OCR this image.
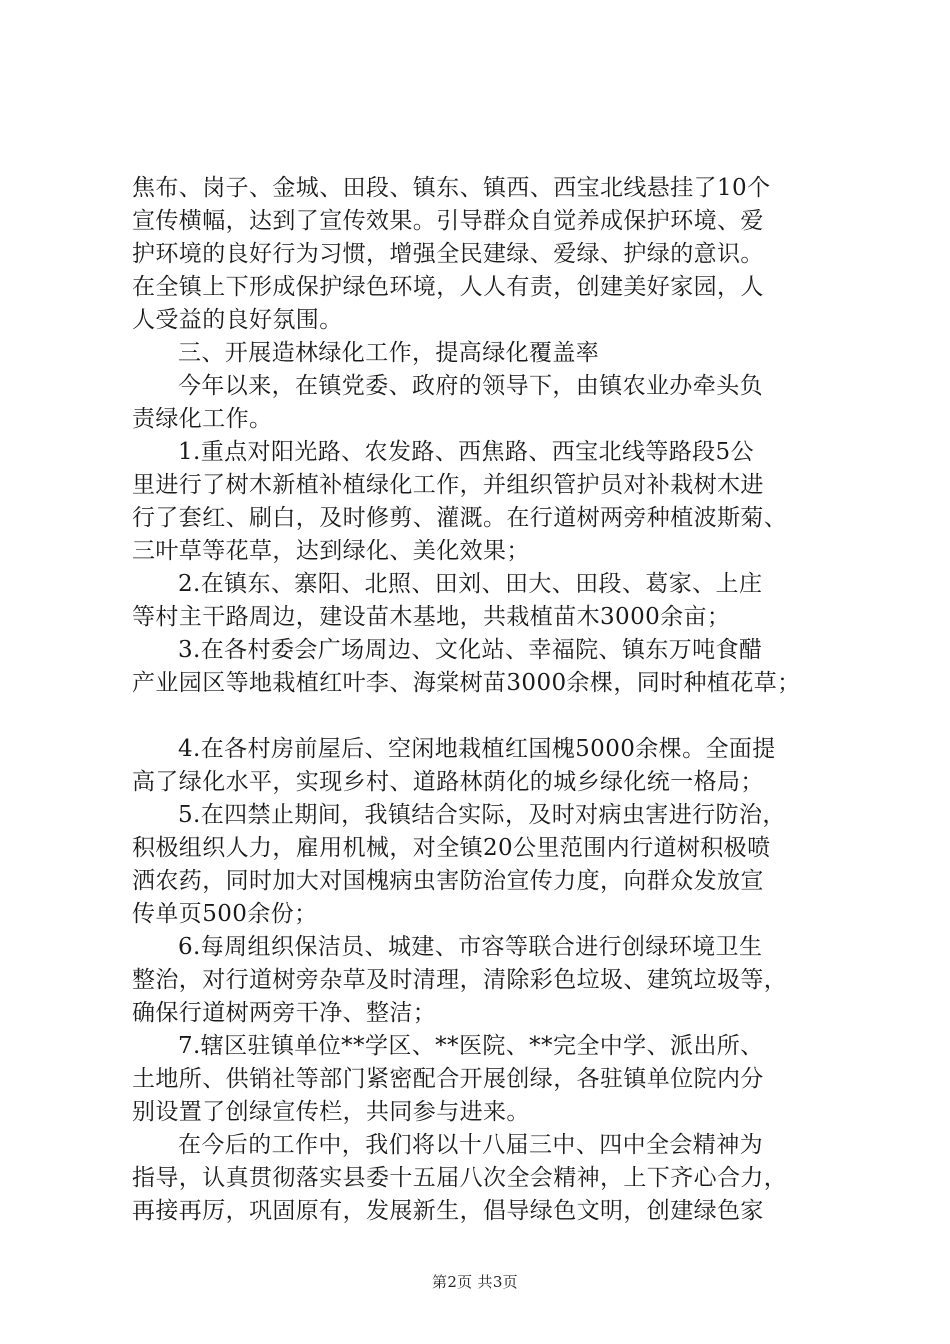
焦布、岗子、金城、田段、镇东、镇西、西宝北线悬挂了10个
宣传横幅，达到了宣传效果。引导群众自觉养成保护环境、爱
护环境的良好行为习惯，增强全民建绿、爱绿、护绿的意识。
在全镇上下形成保护绿色环境，人人有责，创建美好家园，人
人受益的良好氛围。
三、开展造林绿化工作，提高绿化覆盖率
今年以来，在镇党委、政府的领导下，由镇农业办牵头负
责绿化工作。
1.重点对阳光路、农发路、西焦路、西宝北线等路段5公
里进行了树木新植补植绿化工作，并组织管护员对补栽树木进
行了套红、刷白，及时修剪、灌溉。在行道树两旁种植波斯菊、
三叶草等花草，达到绿化、美化效果；
2.在镇东、寨阳、北照、田刘、田大、田段、葛家、上庄
等村主干路周边，建设苗木基地，共栽植苗木3000余亩；
3.在各村委会广场周边、文化站、幸福院、镇东万吨食醋
产业园区等地栽植红叶李、海棠树苗3000余棵，同时种植花草；
4.在各村房前屋后、空闲地栽植红国槐5000余棵。全面提
高了绿化水平，实现乡村、道路林荫化的城乡绿化统一格局；
5.在四禁止期间，我镇结合实际，及时对病虫害进行防治，
积极组织人力，雇用机械，对全镇20公里范围内行道树积极喷
洒农药，同时加大对国槐病虫害防治宣传力度，向群众发放宣
传单页500余份；
6.每周组织保洁员、城建、市容等联合进行创绿环境卫生
整治，对行道树旁杂草及时清理，清除彩色垃圾、建筑垃圾等，
确保行道树两旁干净、整洁；
7.辖区驻镇单位**学区、**医院、**完全中学、派出所、
土地所、供销社等部门紧密配合开展创绿，各驻镇单位院内分
别设置了创绿宣传栏，共同参与进来。
在今后的工作中，我们将以十八届三中、四中全会精神为
指导，认真贯彻落实县委十五届八次全会精神，上下齐心合力，
再接再厉，巩固原有，发展新生，倡导绿色文明，创建绿色家
第2页 共3页
